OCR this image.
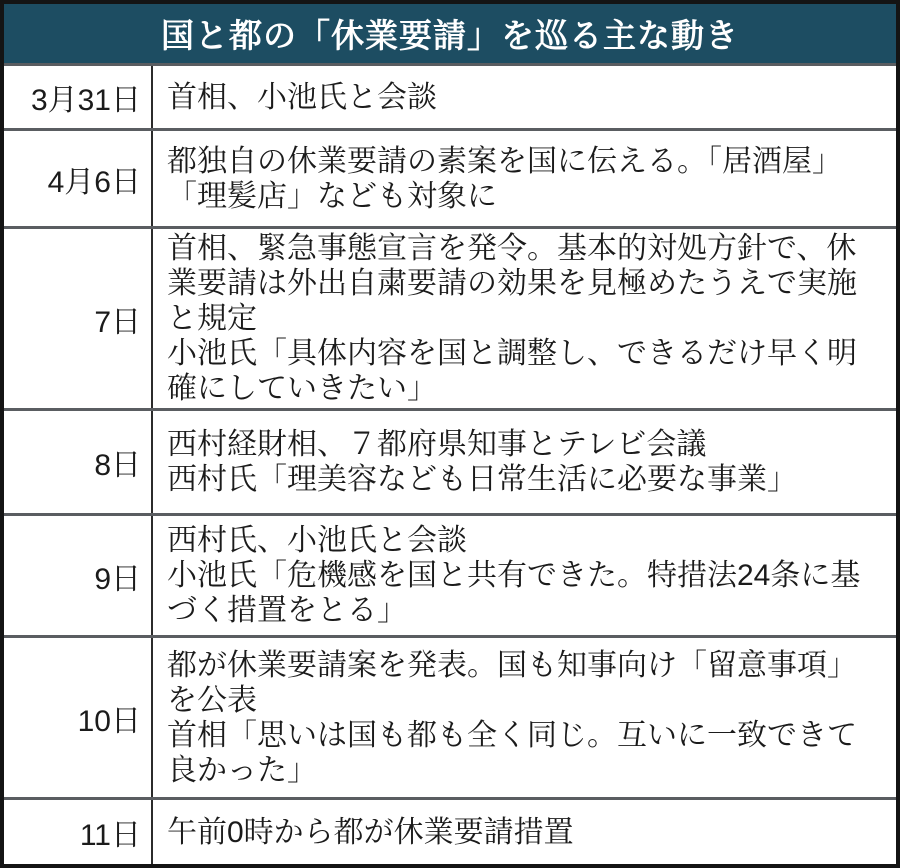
国と都の「休業要請」を巡る主な動き
3月31日 首相、小池氏と会談

4月6日

都独自の休業要請の素案を国に伝える。「居酒屋」「理髪店」なども対象に

7日

首相、緊急事態宣言を発令。基本的対処方針で、休業要請は外出自粛要請の効果を見極めたうえで実施と規定

小池氏「具体内容を国と調整し、できるだけ早く明確にしていきたい」

8日

西村経財相、７都府県知事とテレビ会議

西村氏「理美容なども日常生活に必要な事業」

9日

西村氏、小池氏と会談

小池氏「危機感を国と共有できた。特措法24条に基づく措置をとる」

10日

都が休業要請案を発表。国も知事向け「留意事項」を公表

首相「思いは国も都も全く同じ。互いに一致できて良かった」

11日 午前0時から都が休業要請措置
